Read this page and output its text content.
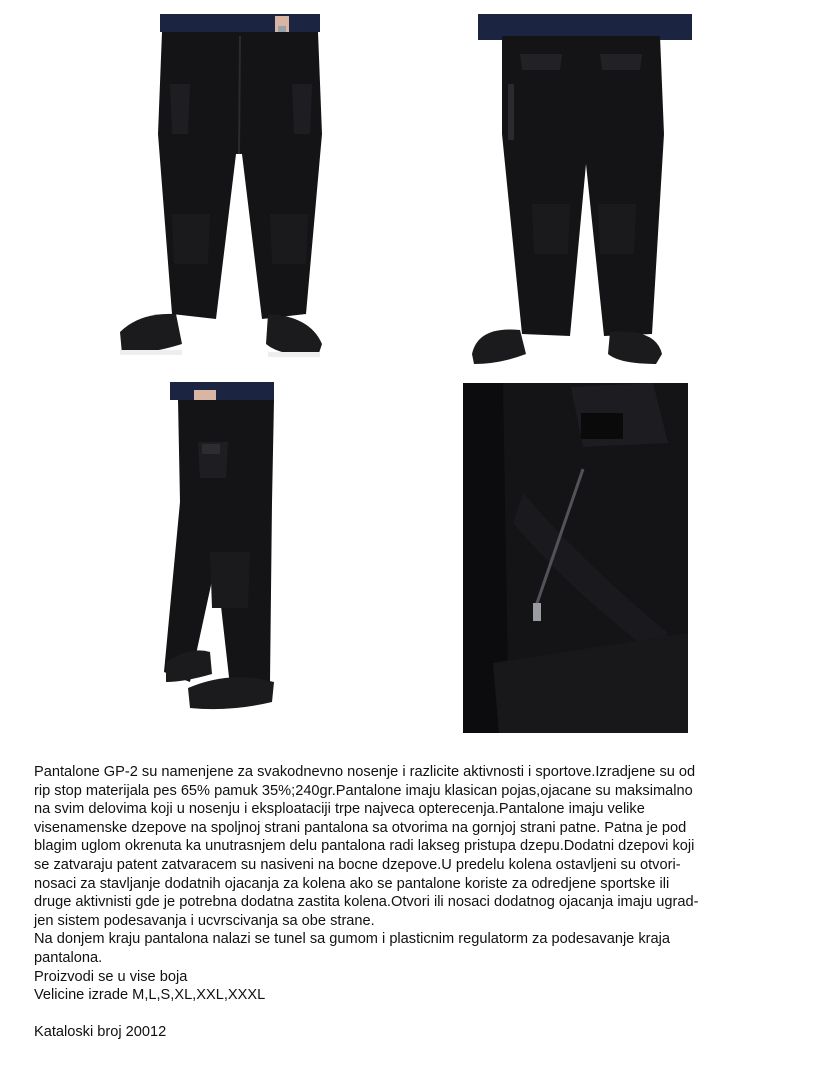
Pantalone GP-2 su namenjene za svakodnevno nosenje i razlicite aktivnosti i sportove.Izradjene su od
rip stop materijala pes 65% pamuk 35%;240gr.Pantalone imaju klasican pojas,ojacane su maksimalno
na svim delovima koji u nosenju i eksploataciji trpe najveca opterecenja.Pantalone imaju velike
visenamenske dzepove na spoljnoj strani pantalona sa otvorima na gornjoj strani patne. Patna je pod
blagim uglom okrenuta ka unutrasnjem delu pantalona radi lakseg pristupa dzepu.Dodatni dzepovi koji
se zatvaraju patent zatvaracem su nasiveni na bocne dzepove.U predelu kolena ostavljeni su otvori-
nosaci za stavljanje dodatnih ojacanja za kolena ako se pantalone koriste za odredjene sportske ili
druge aktivnisti gde je potrebna dodatna zastita kolena.Otvori ili nosaci dodatnog ojacanja imaju ugrad-
jen sistem podesavanja i ucvrscivanja sa obe strane.

Na donjem kraju pantalona nalazi se tunel sa gumom i plasticnim regulatorm za podesavanje kraja
pantalona.

Proizvodi se u vise boja

Velicine izrade M,L,S,XL,XXL,XXXL

Kataloski broj 20012
